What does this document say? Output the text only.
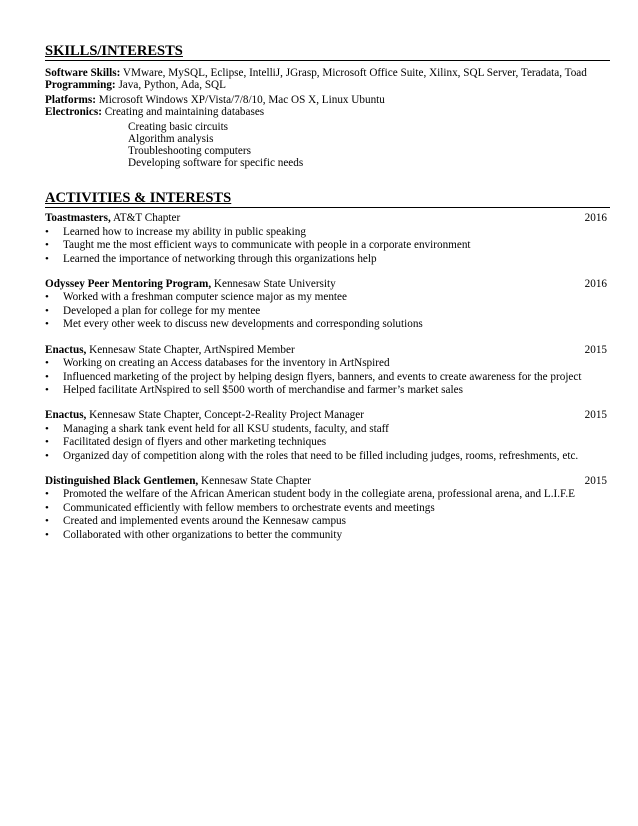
SKILLS/INTERESTS
Software Skills: VMware, MySQL, Eclipse, IntelliJ, JGrasp, Microsoft Office Suite, Xilinx, SQL Server, Teradata, Toad
Programming: Java, Python, Ada, SQL
Platforms: Microsoft Windows XP/Vista/7/8/10, Mac OS X, Linux Ubuntu
Electronics: Creating and maintaining databases
Creating basic circuits
Algorithm analysis
Troubleshooting computers
Developing software for specific needs
ACTIVITIES & INTERESTS
Toastmasters, AT&T Chapter	2016
• Learned how to increase my ability in public speaking
• Taught me the most efficient ways to communicate with people in a corporate environment
• Learned the importance of networking through this organizations help
Odyssey Peer Mentoring Program, Kennesaw State University	2016
• Worked with a freshman computer science major as my mentee
• Developed a plan for college for my mentee
• Met every other week to discuss new developments and corresponding solutions
Enactus, Kennesaw State Chapter, ArtNspired Member	2015
• Working on creating an Access databases for the inventory in ArtNspired
• Influenced marketing of the project by helping design flyers, banners, and events to create awareness for the project
• Helped facilitate ArtNspired to sell $500 worth of merchandise and farmer’s market sales
Enactus, Kennesaw State Chapter, Concept-2-Reality Project Manager	2015
• Managing a shark tank event held for all KSU students, faculty, and staff
• Facilitated design of flyers and other marketing techniques
• Organized day of competition along with the roles that need to be filled including judges, rooms, refreshments, etc.
Distinguished Black Gentlemen, Kennesaw State Chapter	2015
• Promoted the welfare of the African American student body in the collegiate arena, professional arena, and L.I.F.E
• Communicated efficiently with fellow members to orchestrate events and meetings
• Created and implemented events around the Kennesaw campus
• Collaborated with other organizations to better the community
